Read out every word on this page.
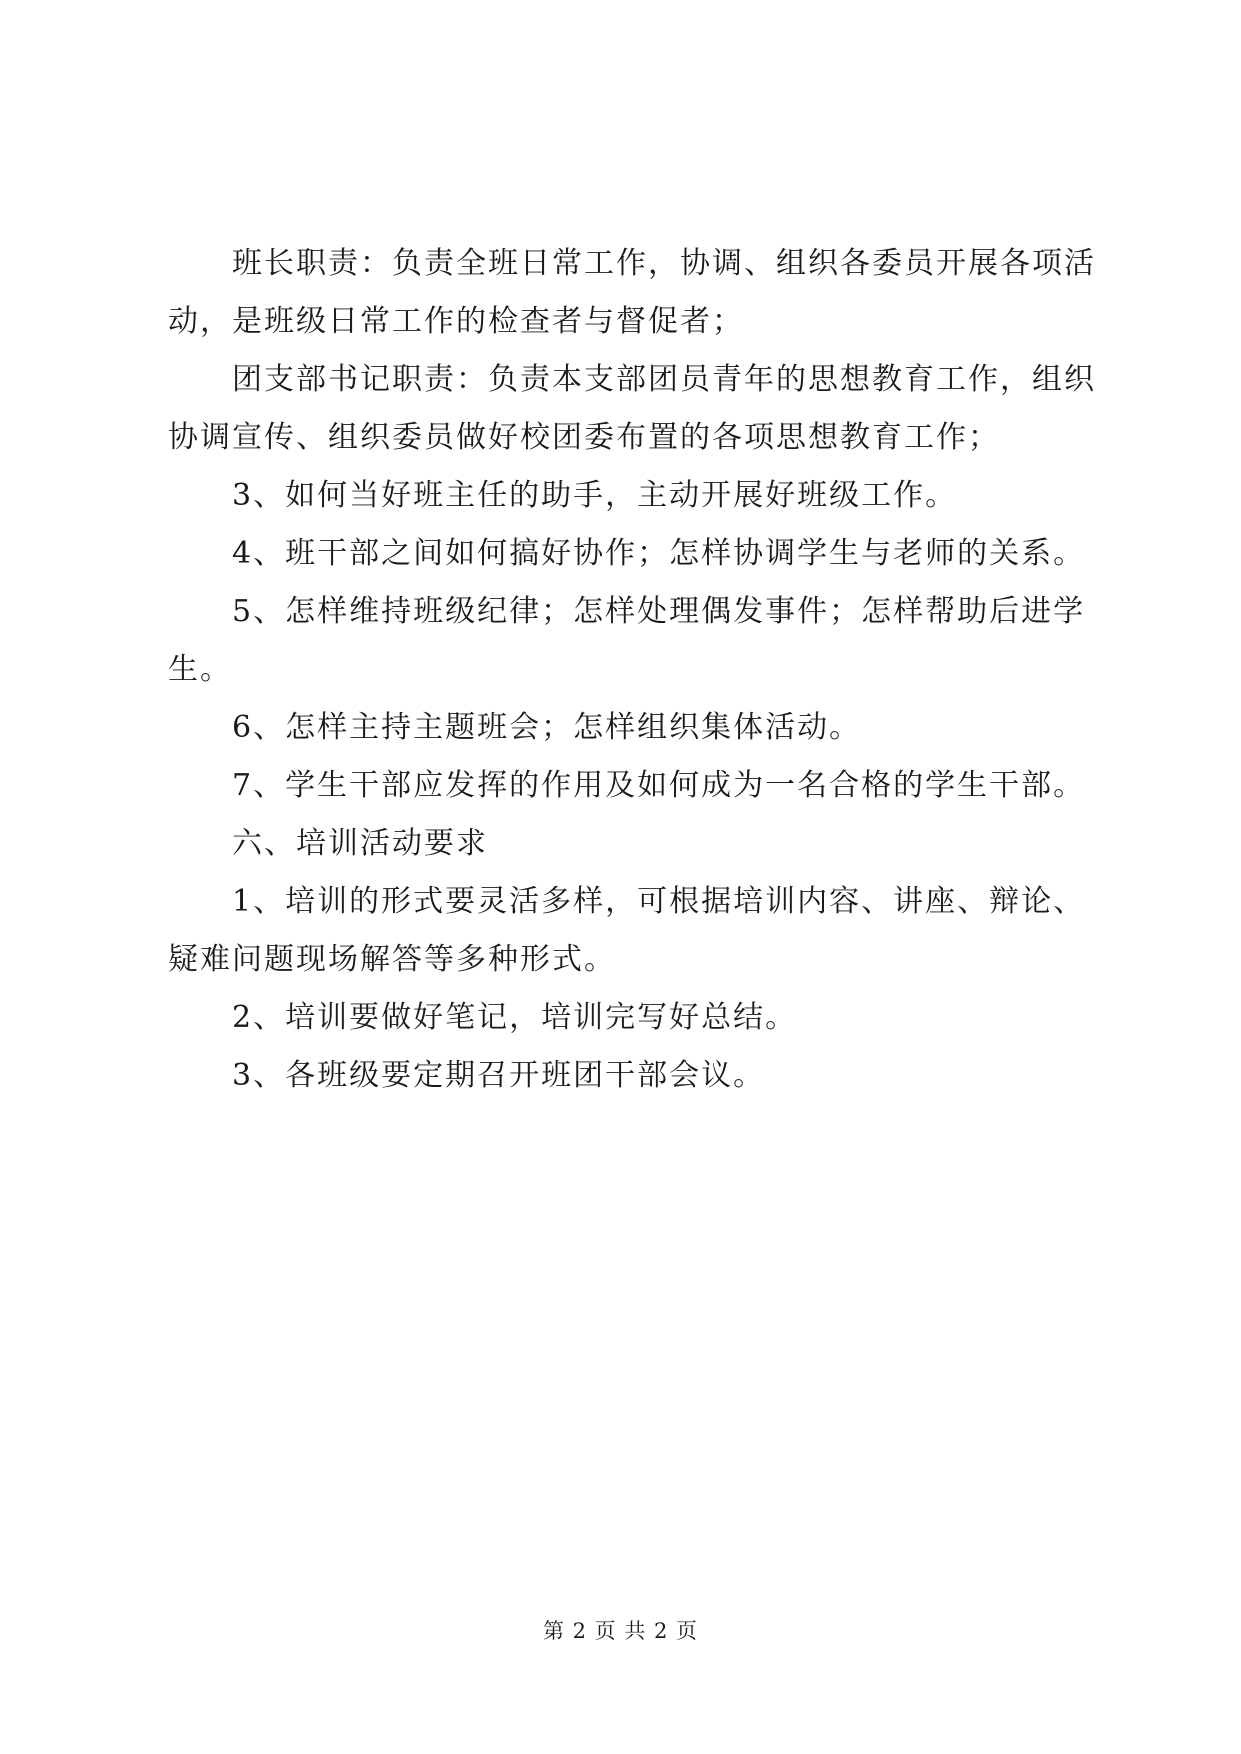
班长职责：负责全班日常工作，协调、组织各委员开展各项活动，是班级日常工作的检查者与督促者；

团支部书记职责：负责本支部团员青年的思想教育工作，组织协调宣传、组织委员做好校团委布置的各项思想教育工作；

3、如何当好班主任的助手，主动开展好班级工作。

4、班干部之间如何搞好协作；怎样协调学生与老师的关系。

5、怎样维持班级纪律；怎样处理偶发事件；怎样帮助后进学生。

6、怎样主持主题班会；怎样组织集体活动。

7、学生干部应发挥的作用及如何成为一名合格的学生干部。

六、培训活动要求

1、培训的形式要灵活多样，可根据培训内容、讲座、辩论、疑难问题现场解答等多种形式。

2、培训要做好笔记，培训完写好总结。

3、各班级要定期召开班团干部会议。

第 2 页 共 2 页
